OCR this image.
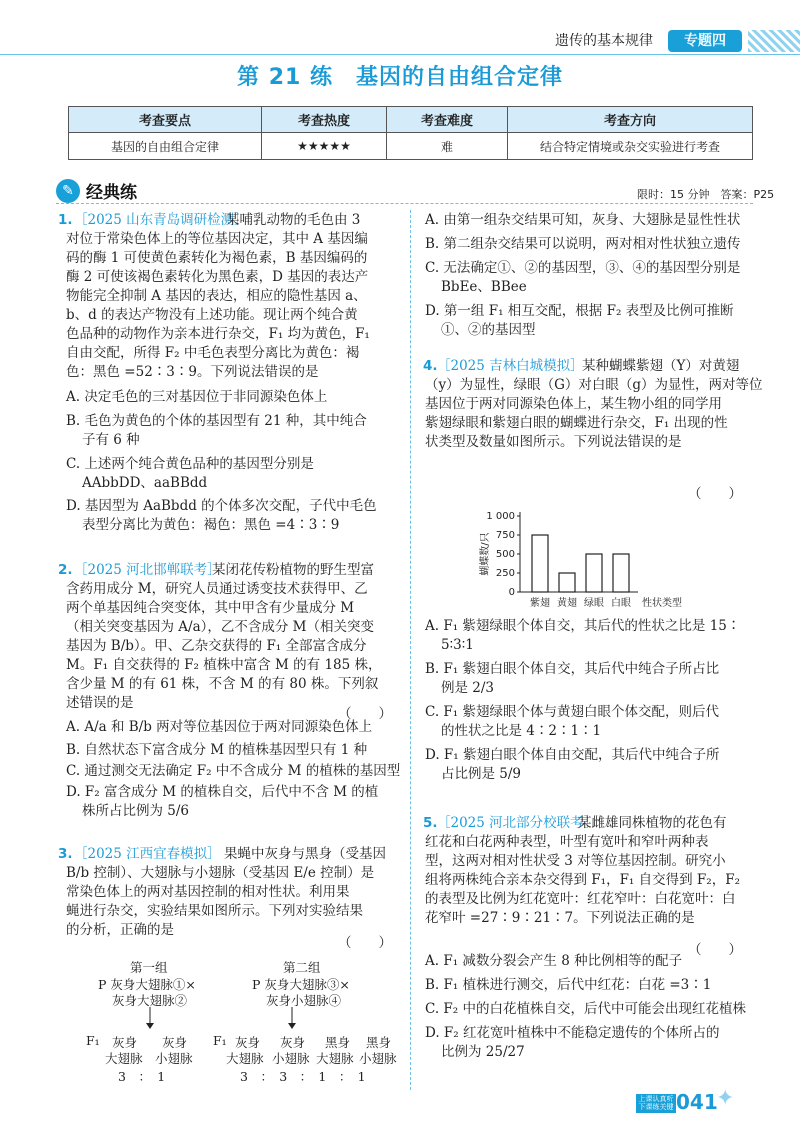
遗传的基本规律	专题四
第 21 练　基因的自由组合定律
考查要点	考查热度	考查难度	考查方向
基因的自由组合定律	★★★★★	难	结合特定情境或杂交实验进行考查
✎ 经典练	限时：15 分钟　答案：P25
1. ［2025 山东青岛调研检测］
2. ［2025 河北邯郸联考］
3. ［2025 江西宜春模拟］
（　　）
（　　）
第一组
P 灰身大翅脉①×
灰身大翅脉②
第二组
P 灰身大翅脉③×
灰身小翅脉④
F₁ 灰身
大翅脉
灰身
小翅脉
3　：　1
F₁ 灰身
大翅脉
灰身
小翅脉
黑身
大翅脉
黑身
小翅脉
3　：　3　：　1　：　1
4. ［2025 吉林白城模拟］
5. ［2025 河北部分校联考］
（　　）
（　　）
0
250
500
750
1 000
紫翅 黄翅 绿眼 白眼 性状类型
蝴蝶数/只
上课认真听 下课练关键 041
✦
某哺乳动物的毛色由 3
对位于常染色体上的等位基因决定，其中 A 基因编
码的酶 1 可使黄色素转化为褐色素，B 基因编码的
酶 2 可使该褐色素转化为黑色素，D 基因的表达产
物能完全抑制 A 基因的表达，相应的隐性基因 a、
b、d 的表达产物没有上述功能。现让两个纯合黄
色品种的动物作为亲本进行杂交，F₁ 均为黄色，F₁
自由交配，所得 F₂ 中毛色表型分离比为黄色：褐
色：黑色 =52∶3∶9。下列说法错误的是
A. 决定毛色的三对基因位于非同源染色体上
B. 毛色为黄色的个体的基因型有 21 种，其中纯合
子有 6 种
C. 上述两个纯合黄色品种的基因型分别是
AAbbDD、aaBBdd
D. 基因型为 AaBbdd 的个体多次交配，子代中毛色
表型分离比为黄色：褐色：黑色 =4∶3∶9
某闭花传粉植物的野生型富
含药用成分 M，研究人员通过诱变技术获得甲、乙
两个单基因纯合突变体，其中甲含有少量成分 M
（相关突变基因为 A/a），乙不含成分 M（相关突变
基因为 B/b）。甲、乙杂交获得的 F₁ 全部富含成分
M。F₁ 自交获得的 F₂ 植株中富含 M 的有 185 株，
含少量 M 的有 61 株，不含 M 的有 80 株。下列叙
述错误的是
A. A/a 和 B/b 两对等位基因位于两对同源染色体上
B. 自然状态下富含成分 M 的植株基因型只有 1 种
C. 通过测交无法确定 F₂ 中不含成分 M 的植株的基因型
D. F₂ 富含成分 M 的植株自交，后代中不含 M 的植
株所占比例为 5/6
果蝇中灰身与黑身（受基因
B/b 控制）、大翅脉与小翅脉（受基因 E/e 控制）是
常染色体上的两对基因控制的相对性状。利用果
蝇进行杂交，实验结果如图所示。下列对实验结果
的分析，正确的是
A. 由第一组杂交结果可知，灰身、大翅脉是显性性状
B. 第二组杂交结果可以说明，两对相对性状独立遗传
C. 无法确定①、②的基因型，③、④的基因型分别是
BbEe、BBee
D. 第一组 F₁ 相互交配，根据 F₂ 表型及比例可推断
①、②的基因型
某种蝴蝶紫翅（Y）对黄翅
（y）为显性，绿眼（G）对白眼（g）为显性，两对等位
基因位于两对同源染色体上，某生物小组的同学用
紫翅绿眼和紫翅白眼的蝴蝶进行杂交，F₁ 出现的性
状类型及数量如图所示。下列说法错误的是
A. F₁ 紫翅绿眼个体自交，其后代的性状之比是 15∶
5∶3∶1
B. F₁ 紫翅白眼个体自交，其后代中纯合子所占比
例是 2/3
C. F₁ 紫翅绿眼个体与黄翅白眼个体交配，则后代
的性状之比是 4∶2∶1∶1
D. F₁ 紫翅白眼个体自由交配，其后代中纯合子所
占比例是 5/9
某雌雄同株植物的花色有
红花和白花两种表型，叶型有宽叶和窄叶两种表
型，这两对相对性状受 3 对等位基因控制。研究小
组将两株纯合亲本杂交得到 F₁，F₁ 自交得到 F₂，F₂
的表型及比例为红花宽叶：红花窄叶：白花宽叶：白
花窄叶 =27∶9∶21∶7。下列说法正确的是
A. F₁ 减数分裂会产生 8 种比例相等的配子
B. F₁ 植株进行测交，后代中红花：白花 =3∶1
C. F₂ 中的白花植株自交，后代中可能会出现红花植株
D. F₂ 红花宽叶植株中不能稳定遗传的个体所占的
比例为 25/27
